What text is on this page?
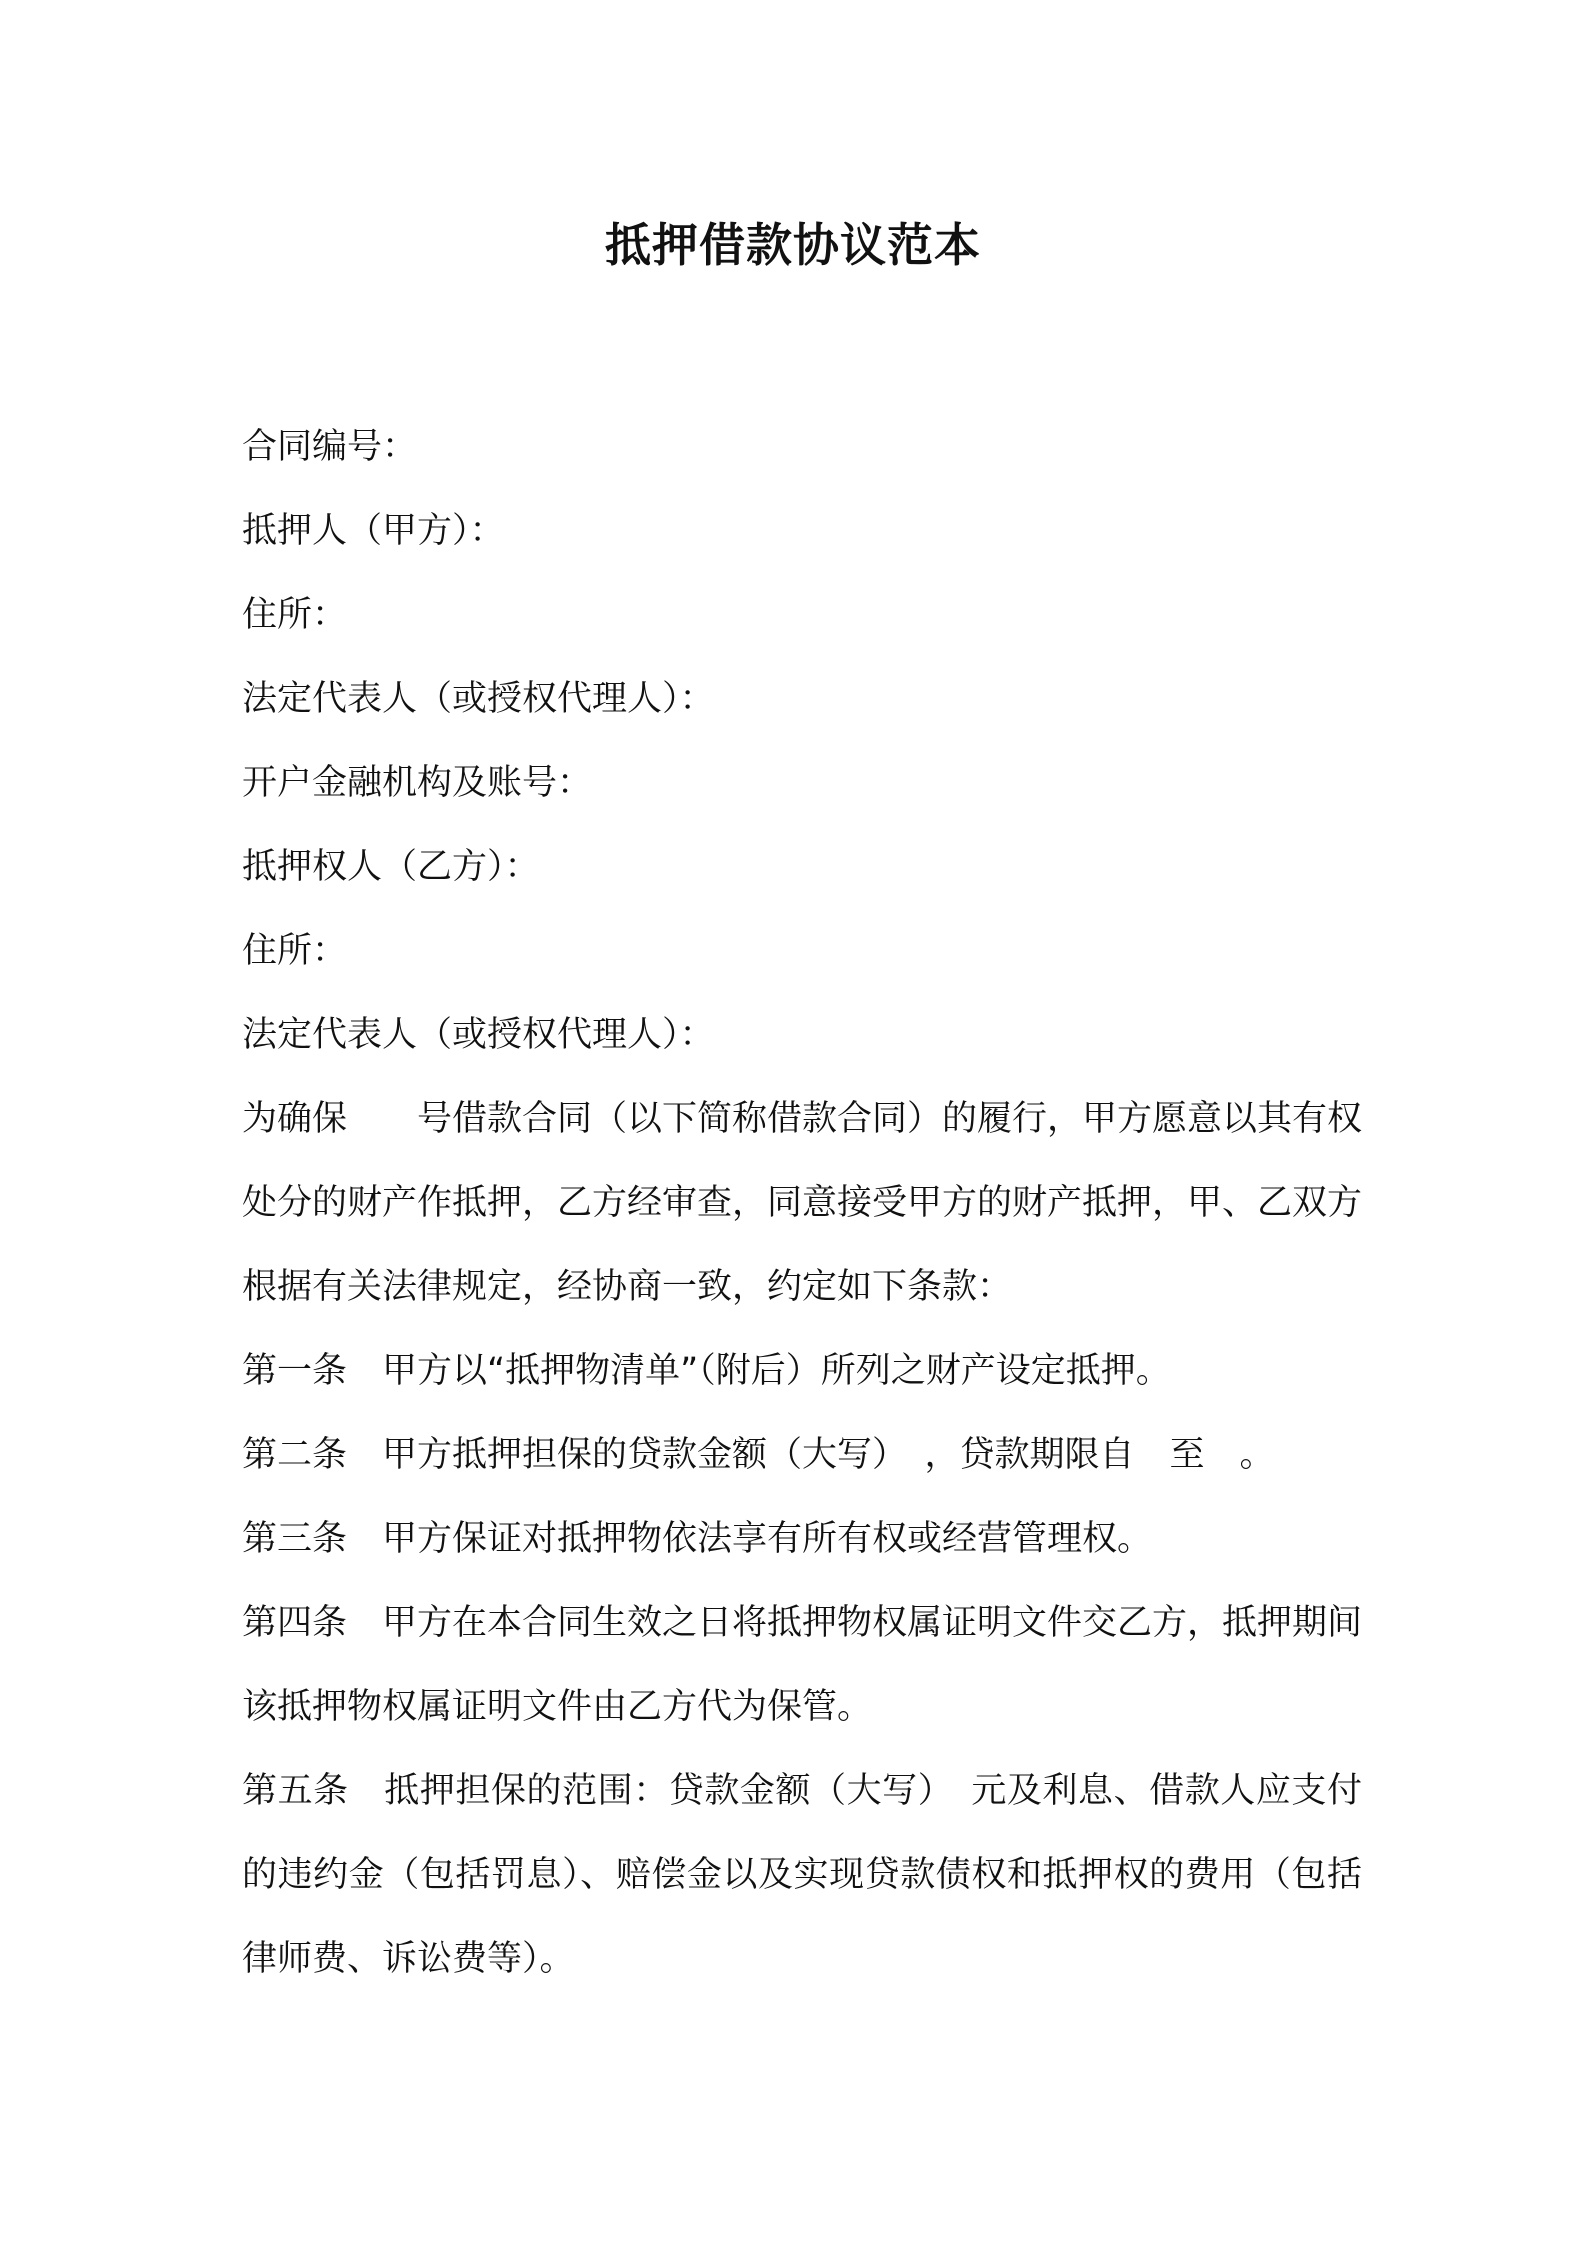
抵押借款协议范本

合同编号：

抵押人（甲方）：

住所：

法定代表人（或授权代理人）：

开户金融机构及账号：

抵押权人（乙方）：

住所：

法定代表人（或授权代理人）：

为确保　　号借款合同（以下简称借款合同）的履行，甲方愿意以其有权处分的财产作抵押，乙方经审查，同意接受甲方的财产抵押，甲、乙双方根据有关法律规定，经协商一致，约定如下条款：

第一条　甲方以“抵押物清单”（附后）所列之财产设定抵押。

第二条　甲方抵押担保的贷款金额（大写）　，贷款期限自　至　。

第三条　甲方保证对抵押物依法享有所有权或经营管理权。

第四条　甲方在本合同生效之日将抵押物权属证明文件交乙方，抵押期间该抵押物权属证明文件由乙方代为保管。

第五条　抵押担保的范围：贷款金额（大写）　元及利息、借款人应支付的违约金（包括罚息）、赔偿金以及实现贷款债权和抵押权的费用（包括律师费、诉讼费等）。
